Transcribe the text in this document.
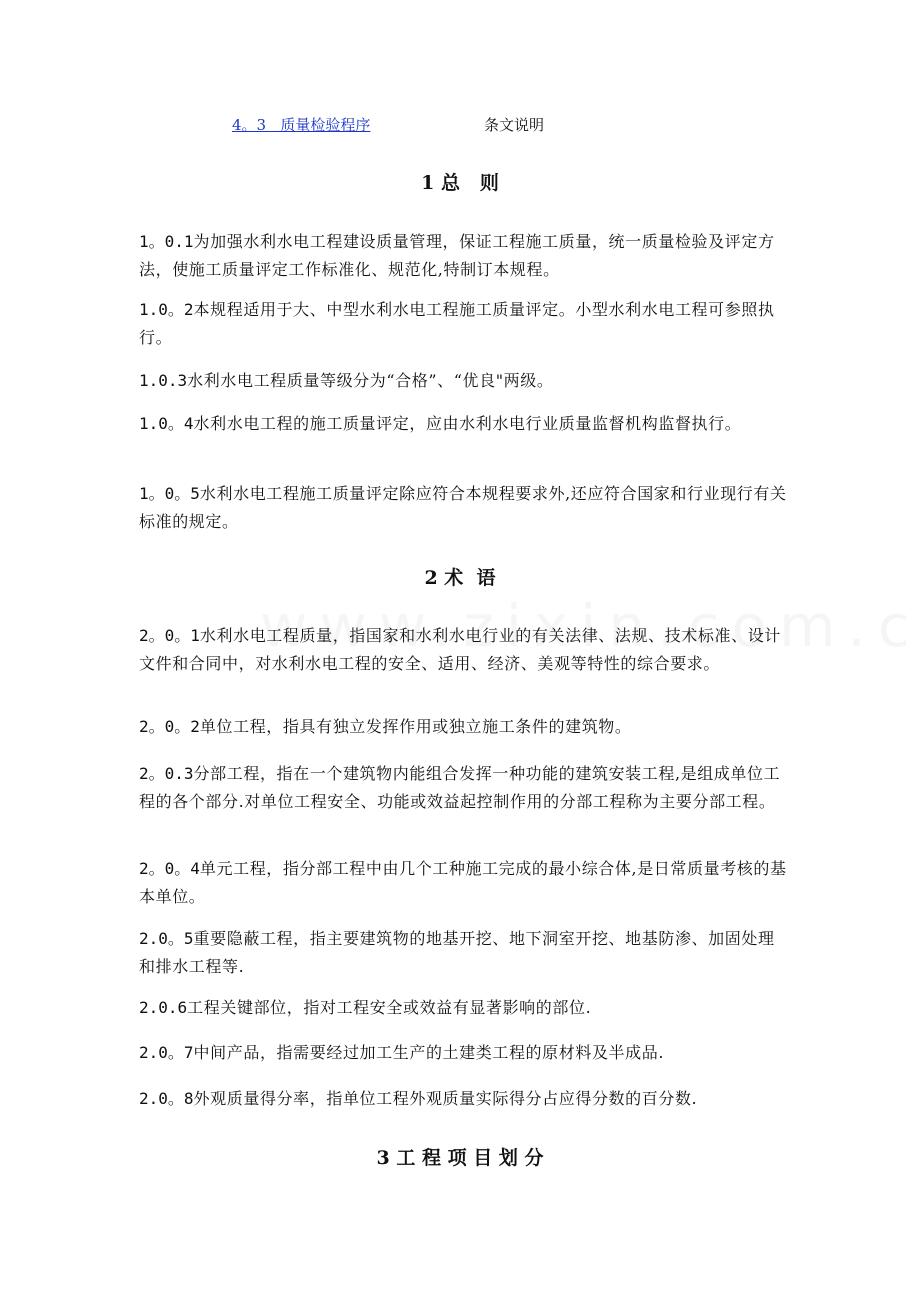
4。3   质量检验程序	条文说明
1 总   则

1。0.1为加强水利水电工程建设质量管理，保证工程施工质量，统一质量检验及评定方法，使施工质量评定工作标准化、规范化,特制订本规程。

1.0。2本规程适用于大、中型水利水电工程施工质量评定。小型水利水电工程可参照执行。

1.0.3水利水电工程质量等级分为“合格”、“优良"两级。

1.0。4水利水电工程的施工质量评定，应由水利水电行业质量监督机构监督执行。

1。0。5水利水电工程施工质量评定除应符合本规程要求外,还应符合国家和行业现行有关标准的规定。

2 术  语

2。0。1水利水电工程质量，指国家和水利水电行业的有关法律、法规、技术标准、设计文件和合同中，对水利水电工程的安全、适用、经济、美观等特性的综合要求。

2。0。2单位工程，指具有独立发挥作用或独立施工条件的建筑物。

2。0.3分部工程，指在一个建筑物内能组合发挥一种功能的建筑安装工程,是组成单位工程的各个部分.对单位工程安全、功能或效益起控制作用的分部工程称为主要分部工程。

2。0。4单元工程，指分部工程中由几个工种施工完成的最小综合体,是日常质量考核的基本单位。

2.0。5重要隐蔽工程，指主要建筑物的地基开挖、地下洞室开挖、地基防渗、加固处理和排水工程等.

2.0.6工程关键部位，指对工程安全或效益有显著影响的部位.

2.0。7中间产品，指需要经过加工生产的土建类工程的原材料及半成品.

2.0。8外观质量得分率，指单位工程外观质量实际得分占应得分数的百分数.

3 工 程 项 目 划 分
